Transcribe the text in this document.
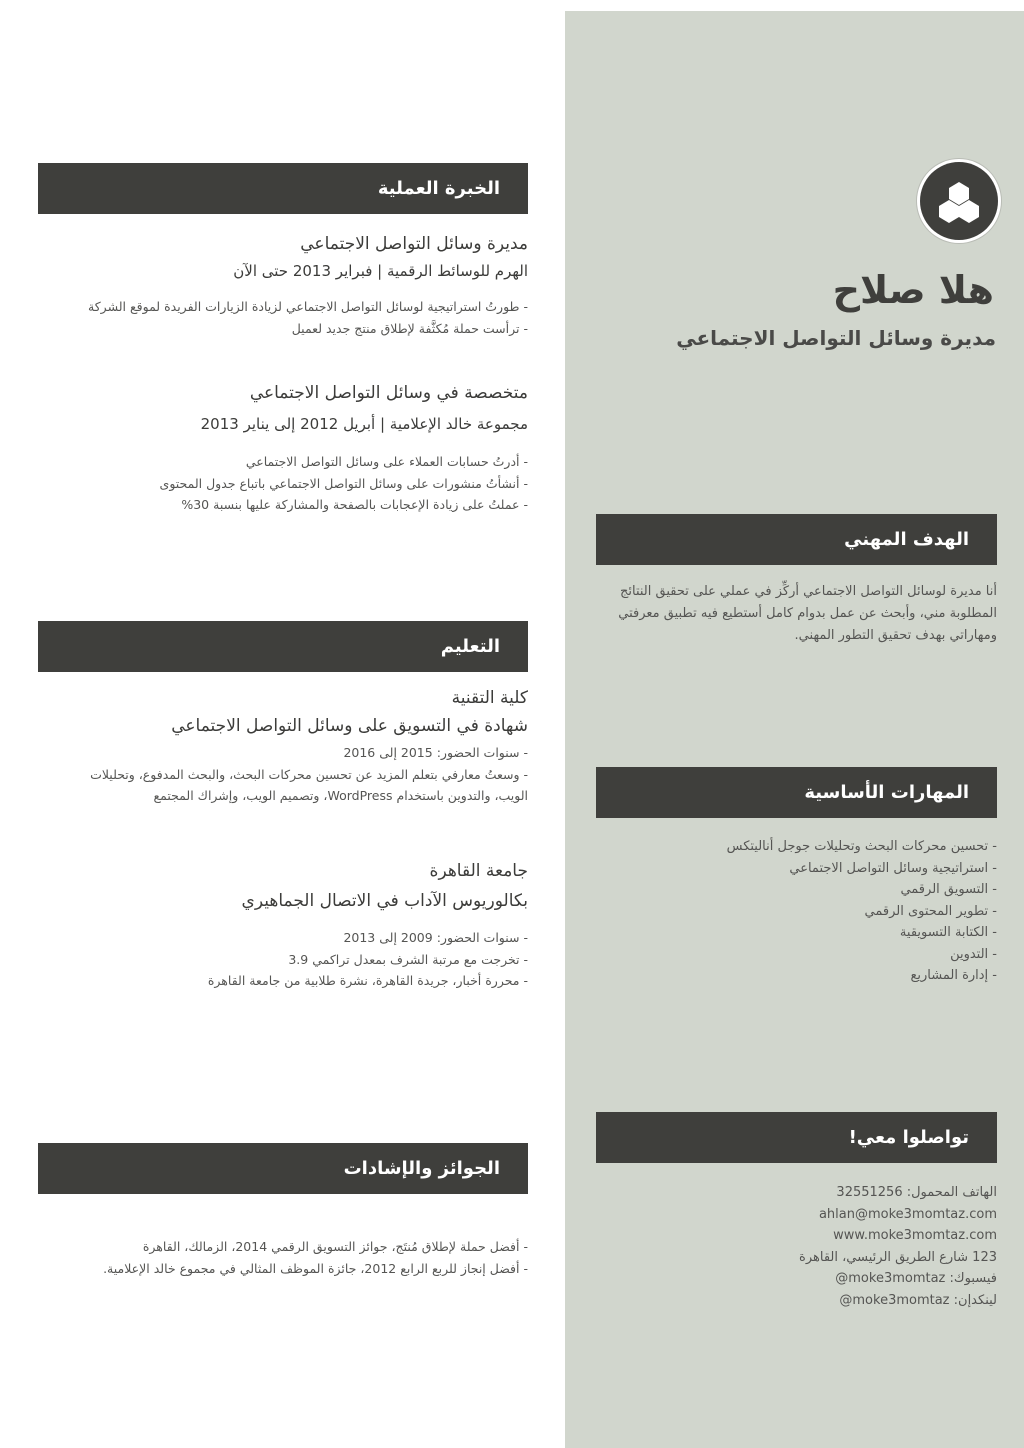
هلا صلاح
مديرة وسائل التواصل الاجتماعي
الخبرة العملية

مديرة وسائل التواصل الاجتماعي

الهرم للوسائط الرقمية | فبراير 2013 حتى الآن

- طورتُ استراتيجية لوسائل التواصل الاجتماعي لزيادة الزيارات الفريدة لموقع الشركة

- ترأست حملة مُكثَّفة لإطلاق منتج جديد لعميل

متخصصة في وسائل التواصل الاجتماعي

مجموعة خالد الإعلامية | أبريل 2012 إلى يناير 2013

- أدرتُ حسابات العملاء على وسائل التواصل الاجتماعي

- أنشأتُ منشورات على وسائل التواصل الاجتماعي باتباع جدول المحتوى

- عملتُ على زيادة الإعجابات بالصفحة والمشاركة عليها بنسبة 30%

التعليم

كلية التقنية

شهادة في التسويق على وسائل التواصل الاجتماعي

- سنوات الحضور: 2015 إلى 2016

- وسعتُ معارفي بتعلم المزيد عن تحسين محركات البحث، والبحث المدفوع، وتحليلات الويب، والتدوين باستخدام WordPress، وتصميم الويب، وإشراك المجتمع

جامعة القاهرة

بكالوريوس الآداب في الاتصال الجماهيري

- سنوات الحضور: 2009 إلى 2013

- تخرجت مع مرتبة الشرف بمعدل تراكمي 3.9

- محررة أخبار، جريدة القاهرة، نشرة طلابية من جامعة القاهرة

الجوائز والإشادات

- أفضل حملة لإطلاق مُنتَج، جوائز التسويق الرقمي 2014، الزمالك، القاهرة

- أفضل إنجاز للربع الرابع 2012، جائزة الموظف المثالي في مجموع خالد الإعلامية.

الهدف المهني

أنا مديرة لوسائل التواصل الاجتماعي أركِّز في عملي على تحقيق النتائج المطلوبة مني، وأبحث عن عمل بدوام كامل أستطيع فيه تطبيق معرفتي ومهاراتي بهدف تحقيق التطور المهني.

المهارات الأساسية
- تحسين محركات البحث وتحليلات جوجل أناليتكس
- استراتيجية وسائل التواصل الاجتماعي
- التسويق الرقمي
- تطوير المحتوى الرقمي
- الكتابة التسويقية
- التدوين
- إدارة المشاريع
تواصلوا معي!

الهاتف المحمول: 32551256

ahlan@moke3momtaz.com

www.moke3momtaz.com

123 شارع الطريق الرئيسي، القاهرة

فيسبوك: moke3momtaz@

لينكدإن: moke3momtaz@
